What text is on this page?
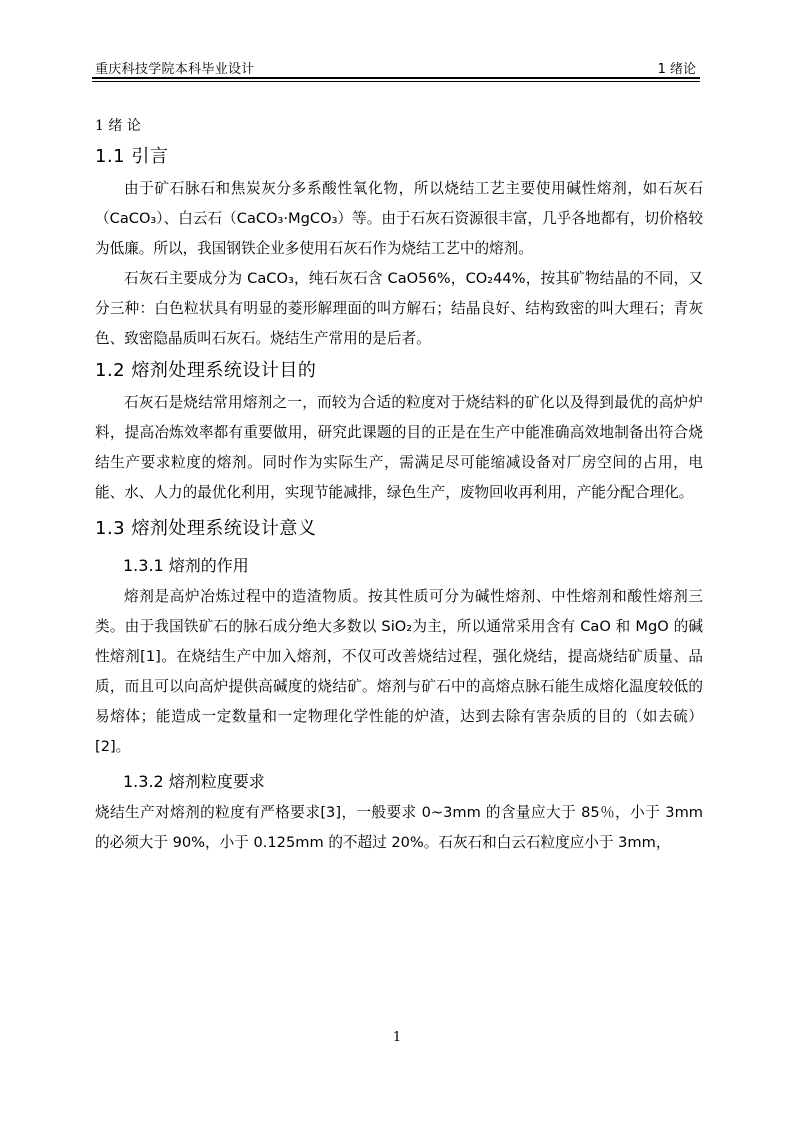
重庆科技学院本科毕业设计	1 绪论
1 绪 论
1.1 引言

由于矿石脉石和焦炭灰分多系酸性氧化物，所以烧结工艺主要使用碱性熔剂，如石灰石（CaCO₃）、白云石（CaCO₃·MgCO₃）等。由于石灰石资源很丰富，几乎各地都有，切价格较为低廉。所以，我国钢铁企业多使用石灰石作为烧结工艺中的熔剂。

石灰石主要成分为 CaCO₃，纯石灰石含 CaO56%，CO₂44%，按其矿物结晶的不同，又分三种：白色粒状具有明显的菱形解理面的叫方解石；结晶良好、结构致密的叫大理石；青灰色、致密隐晶质叫石灰石。烧结生产常用的是后者。

1.2 熔剂处理系统设计目的

石灰石是烧结常用熔剂之一，而较为合适的粒度对于烧结料的矿化以及得到最优的高炉炉料，提高冶炼效率都有重要做用，研究此课题的目的正是在生产中能准确高效地制备出符合烧结生产要求粒度的熔剂。同时作为实际生产，需满足尽可能缩减设备对厂房空间的占用，电能、水、人力的最优化利用，实现节能减排，绿色生产，废物回收再利用，产能分配合理化。

1.3 熔剂处理系统设计意义
1.3.1 熔剂的作用

熔剂是高炉冶炼过程中的造渣物质。按其性质可分为碱性熔剂、中性熔剂和酸性熔剂三类。由于我国铁矿石的脉石成分绝大多数以 SiO₂为主，所以通常采用含有 CaO 和 MgO 的碱性熔剂[1]。在烧结生产中加入熔剂，不仅可改善烧结过程，强化烧结，提高烧结矿质量、品质，而且可以向高炉提供高碱度的烧结矿。熔剂与矿石中的高熔点脉石能生成熔化温度较低的易熔体；能造成一定数量和一定物理化学性能的炉渣，达到去除有害杂质的目的（如去硫）[2]。

1.3.2 熔剂粒度要求

烧结生产对熔剂的粒度有严格要求[3]，一般要求 0~3mm 的含量应大于 85％，小于 3mm 的必须大于 90%，小于 0.125mm 的不超过 20%。石灰石和白云石粒度应小于 3mm，

1
